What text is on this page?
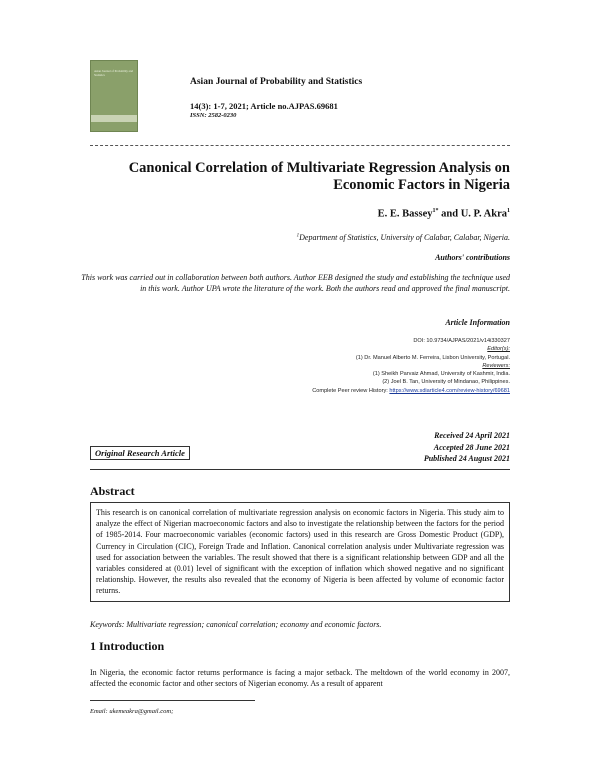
Asian Journal of Probability and Statistics
Asian Journal of Probability and Statistics
14(3): 1-7, 2021; Article no.AJPAS.69681
ISSN: 2582-0230
Canonical Correlation of Multivariate Regression Analysis on
Economic Factors in Nigeria
E. E. Bassey$^{1*}$ and U. P. Akra$^1$
$^1$Department of Statistics, University of Calabar, Calabar, Nigeria.
Authors' contributions
This work was carried out in collaboration between both authors. Author EEB designed the study and establishing the technique used in this work. Author UPA wrote the literature of the work. Both the authors read and approved the final manuscript.
Article Information
DOI: 10.9734/AJPAS/2021/v14i330327
Editor(s):
(1) Dr. Manuel Alberto M. Ferreira, Lisbon University, Portugal.
Reviewers:
(1) Sheikh Parvaiz Ahmad, University of Kashmir, India.
(2) Joel B. Tan, University of Mindanao, Philippines.
Complete Peer review History: https://www.sdiarticle4.com/review-history/69681
Received 24 April 2021
Accepted 28 June 2021
Published 24 August 2021
Original Research Article
Abstract
This research is on canonical correlation of multivariate regression analysis on economic factors in Nigeria. This study aim to analyze the effect of Nigerian macroeconomic factors and also to investigate the relationship between the factors for the period of 1985-2014. Four macroeconomic variables (economic factors) used in this research are Gross Domestic Product (GDP), Currency in Circulation (CIC), Foreign Trade and Inflation. Canonical correlation analysis under Multivariate regression was used for association between the variables. The result showed that there is a significant relationship between GDP and all the variables considered at (0.01) level of significant with the exception of inflation which showed negative and no significant relationship. However, the results also revealed that the economy of Nigeria is been affected by volume of economic factor returns.
Keywords: Multivariate regression; canonical correlation; economy and economic factors.
1 Introduction
In Nigeria, the economic factor returns performance is facing a major setback. The meltdown of the world economy in 2007, affected the economic factor and other sectors of Nigerian economy. As a result of apparent
Email: ukemeakra@gmail.com;
